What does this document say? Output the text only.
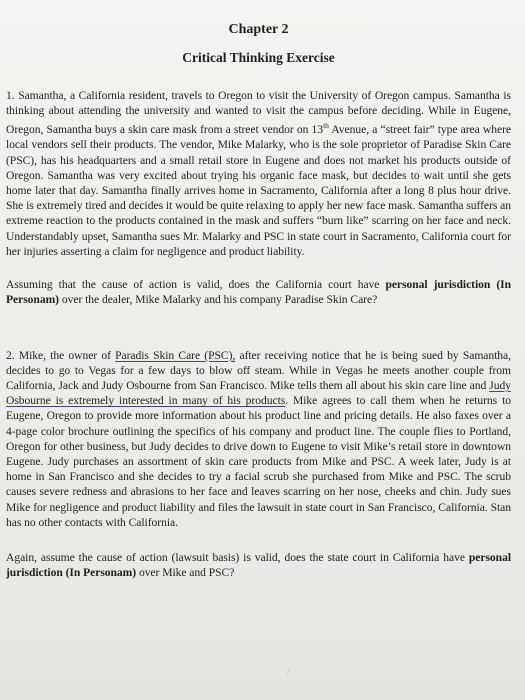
Chapter 2

Critical Thinking Exercise

1. Samantha, a California resident, travels to Oregon to visit the University of Oregon campus. Samantha is thinking about attending the university and wanted to visit the campus before deciding. While in Eugene, Oregon, Samantha buys a skin care mask from a street vendor on 13th Avenue, a “street fair” type area where local vendors sell their products. The vendor, Mike Malarky, who is the sole proprietor of Paradise Skin Care (PSC), has his headquarters and a small retail store in Eugene and does not market his products outside of Oregon. Samantha was very excited about trying his organic face mask, but decides to wait until she gets home later that day. Samantha finally arrives home in Sacramento, California after a long 8 plus hour drive. She is extremely tired and decides it would be quite relaxing to apply her new face mask. Samantha suffers an extreme reaction to the products contained in the mask and suffers “burn like” scarring on her face and neck. Understandably upset, Samantha sues Mr. Malarky and PSC in state court in Sacramento, California court for her injuries asserting a claim for negligence and product liability.

Assuming that the cause of action is valid, does the California court have personal jurisdiction (In Personam) over the dealer, Mike Malarky and his company Paradise Skin Care?

2. Mike, the owner of Paradis Skin Care (PSC), after receiving notice that he is being sued by Samantha, decides to go to Vegas for a few days to blow off steam. While in Vegas he meets another couple from California, Jack and Judy Osbourne from San Francisco. Mike tells them all about his skin care line and Judy Osbourne is extremely interested in many of his products. Mike agrees to call them when he returns to Eugene, Oregon to provide more information about his product line and pricing details. He also faxes over a 4-page color brochure outlining the specifics of his company and product line. The couple flies to Portland, Oregon for other business, but Judy decides to drive down to Eugene to visit Mike’s retail store in downtown Eugene. Judy purchases an assortment of skin care products from Mike and PSC. A week later, Judy is at home in San Francisco and she decides to try a facial scrub she purchased from Mike and PSC. The scrub causes severe redness and abrasions to her face and leaves scarring on her nose, cheeks and chin. Judy sues Mike for negligence and product liability and files the lawsuit in state court in San Francisco, California. Stan has no other contacts with California.

Again, assume the cause of action (lawsuit basis) is valid, does the state court in California have personal jurisdiction (In Personam) over Mike and PSC?
